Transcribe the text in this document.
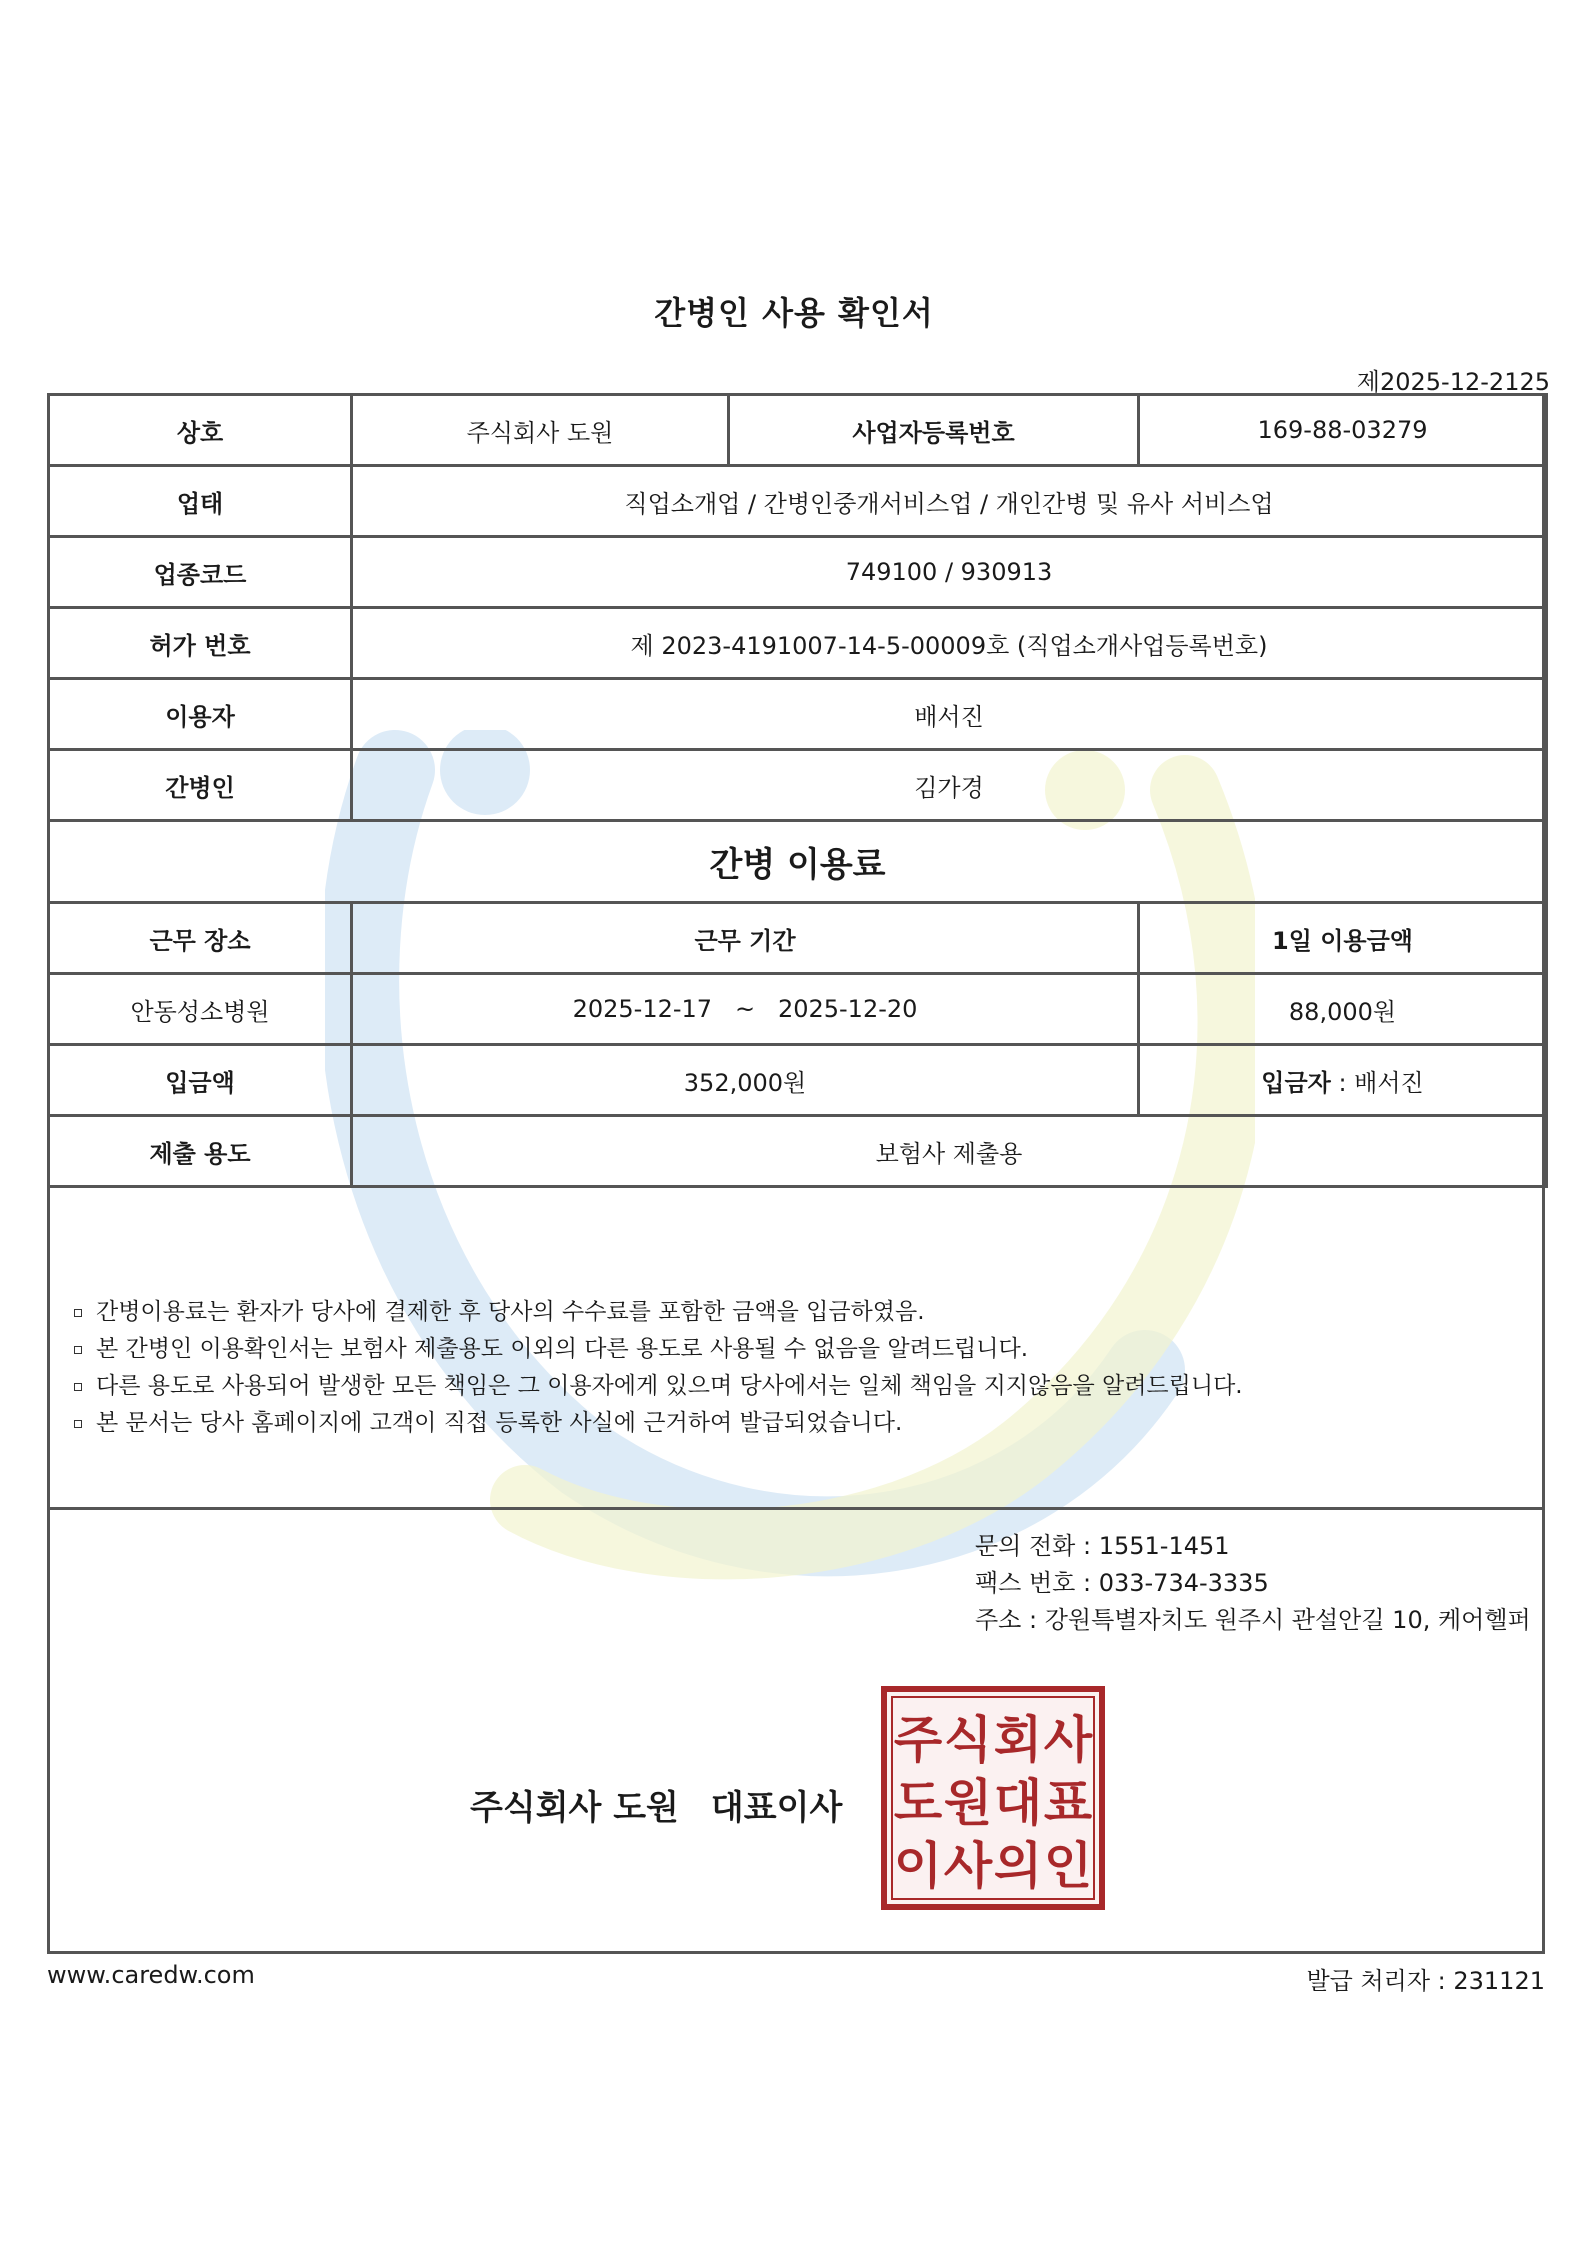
간병인 사용 확인서
제2025-12-2125
상호	주식회사 도원	사업자등록번호	169-88-03279
업태	직업소개업 / 간병인중개서비스업 / 개인간병 및 유사 서비스업		
업종코드	749100 / 930913		
허가 번호	제 2023-4191007-14-5-00009호 (직업소개사업등록번호)		
이용자	배서진		
간병인	김가경		
간병 이용료			
근무 장소	근무 기간		1일 이용금액
안동성소병원	2025-12-17   ~   2025-12-20		88,000원
입금액	352,000원		입금자 : 배서진
제출 용도	보험사 제출용		
간병이용료는 환자가 당사에 결제한 후 당사의 수수료를 포함한 금액을 입금하였음.
본 간병인 이용확인서는 보험사 제출용도 이외의 다른 용도로 사용될 수 없음을 알려드립니다.
다른 용도로 사용되어 발생한 모든 책임은 그 이용자에게 있으며 당사에서는 일체 책임을 지지않음을 알려드립니다.
본 문서는 당사 홈페이지에 고객이 직접 등록한 사실에 근거하여 발급되었습니다.
문의 전화 : 1551-1451
팩스 번호 : 033-734-3335
주소 : 강원특별자치도 원주시 관설안길 10, 케어헬퍼
주식회사 도원 대표이사
주 식 회 사
도 원 대 표
이 사 의 인
www.caredw.com	발급 처리자 : 231121
